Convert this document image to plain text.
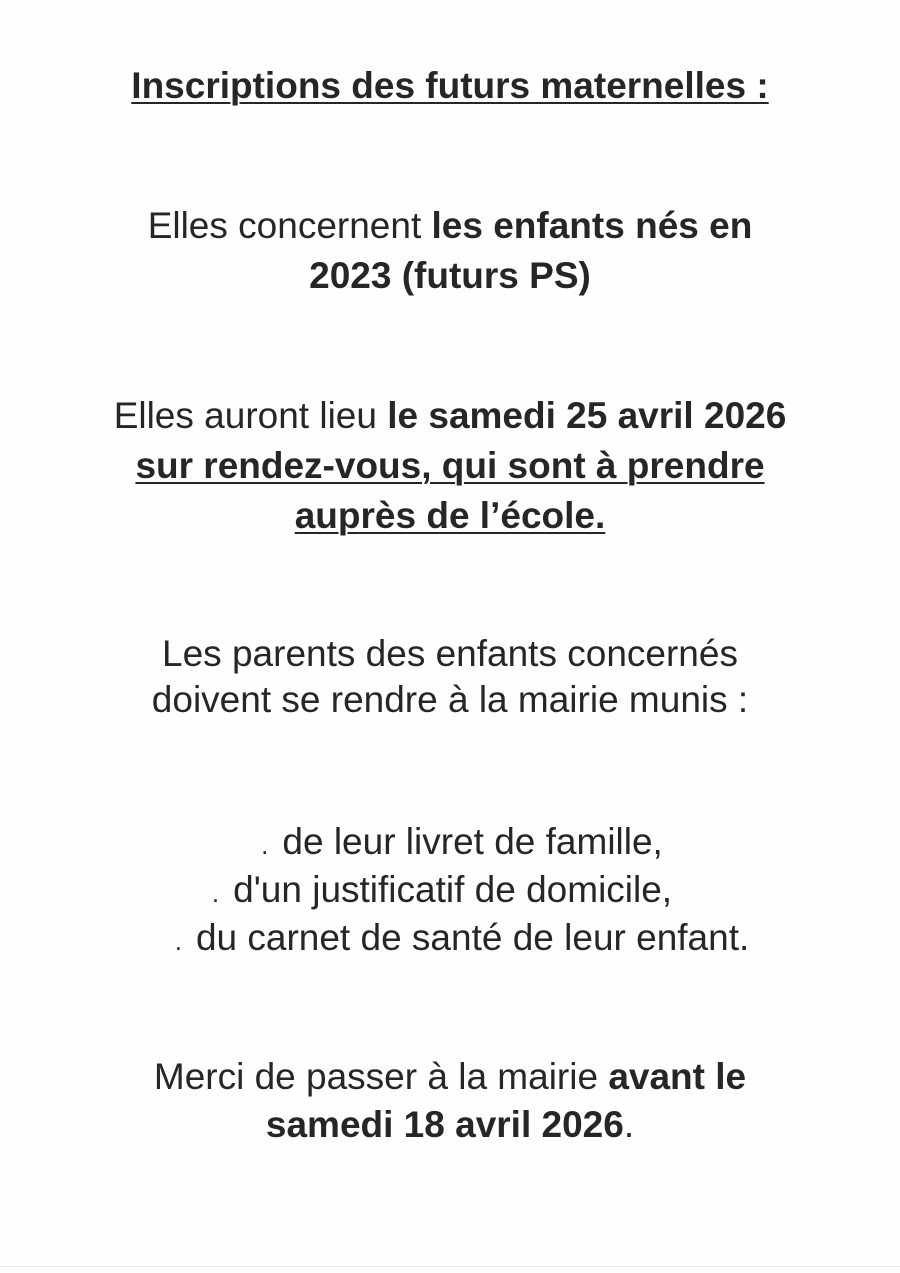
Inscriptions des futurs maternelles :
Elles concernent les enfants nés en
2023 (futurs PS)
Elles auront lieu le samedi 25 avril 2026
sur rendez-vous, qui sont à prendre
auprès de l’école.
Les parents des enfants concernés
doivent se rendre à la mairie munis :
. de leur livret de famille,
. d'un justificatif de domicile,
. du carnet de santé de leur enfant.
Merci de passer à la mairie avant le
samedi 18 avril 2026.
